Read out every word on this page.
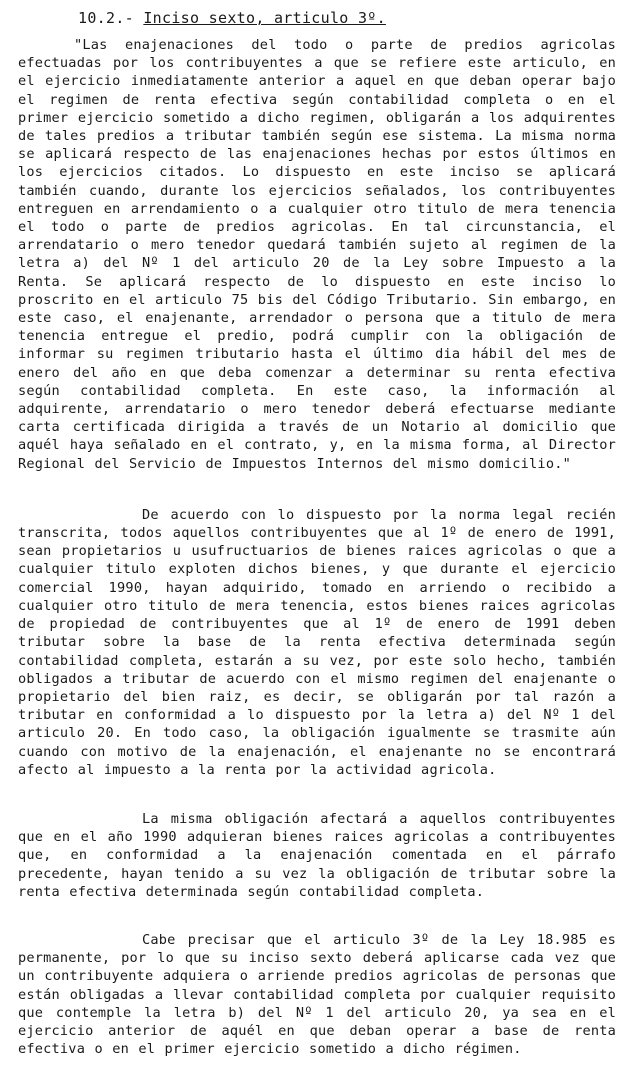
10.2.- Inciso sexto, articulo 3º.

"Las enajenaciones del todo o parte de predios agricolas efectuadas por los contribuyentes a que se refiere este articulo, en el ejercicio inmediatamente anterior a aquel en que deban operar bajo el regimen de renta efectiva según contabilidad completa o en el primer ejercicio sometido a dicho regimen, obligarán a los adquirentes de tales predios a tributar también según ese sistema. La misma norma se aplicará respecto de las enajenaciones hechas por estos últimos en los ejercicios citados. Lo dispuesto en este inciso se aplicará también cuando, durante los ejercicios señalados, los contribuyentes entreguen en arrendamiento o a cualquier otro titulo de mera tenencia el todo o parte de predios agricolas. En tal circunstancia, el arrendatario o mero tenedor quedará también sujeto al regimen de la letra a) del Nº 1 del articulo 20 de la Ley sobre Impuesto a la Renta. Se aplicará respecto de lo dispuesto en este inciso lo proscrito en el articulo 75 bis del Código Tributario. Sin embargo, en este caso, el enajenante, arrendador o persona que a titulo de mera tenencia entregue el predio, podrá cumplir con la obligación de informar su regimen tributario hasta el último dia hábil del mes de enero del año en que deba comenzar a determinar su renta efectiva según contabilidad completa. En este caso, la información al adquirente, arrendatario o mero tenedor deberá efectuarse mediante carta certificada dirigida a través de un Notario al domicilio que aquél haya señalado en el contrato, y, en la misma forma, al Director Regional del Servicio de Impuestos Internos del mismo domicilio."

De acuerdo con lo dispuesto por la norma legal recién transcrita, todos aquellos contribuyentes que al 1º de enero de 1991, sean propietarios u usufructuarios de bienes raices agricolas o que a cualquier titulo exploten dichos bienes, y que durante el ejercicio comercial 1990, hayan adquirido, tomado en arriendo o recibido a cualquier otro titulo de mera tenencia, estos bienes raices agricolas de propiedad de contribuyentes que al 1º de enero de 1991 deben tributar sobre la base de la renta efectiva determinada según contabilidad completa, estarán a su vez, por este solo hecho, también obligados a tributar de acuerdo con el mismo regimen del enajenante o propietario del bien raiz, es decir, se obligarán por tal razón a tributar en conformidad a lo dispuesto por la letra a) del Nº 1 del articulo 20. En todo caso, la obligación igualmente se trasmite aún cuando con motivo de la enajenación, el enajenante no se encontrará afecto al impuesto a la renta por la actividad agricola.

La misma obligación afectará a aquellos contribuyentes que en el año 1990 adquieran bienes raices agricolas a contribuyentes que, en conformidad a la enajenación comentada en el párrafo precedente, hayan tenido a su vez la obligación de tributar sobre la renta efectiva determinada según contabilidad completa.

Cabe precisar que el articulo 3º de la Ley 18.985 es permanente, por lo que su inciso sexto deberá aplicarse cada vez que un contribuyente adquiera o arriende predios agricolas de personas que están obligadas a llevar contabilidad completa por cualquier requisito que contemple la letra b) del Nº 1 del articulo 20, ya sea en el ejercicio anterior de aquél en que deban operar a base de renta efectiva o en el primer ejercicio sometido a dicho régimen.
